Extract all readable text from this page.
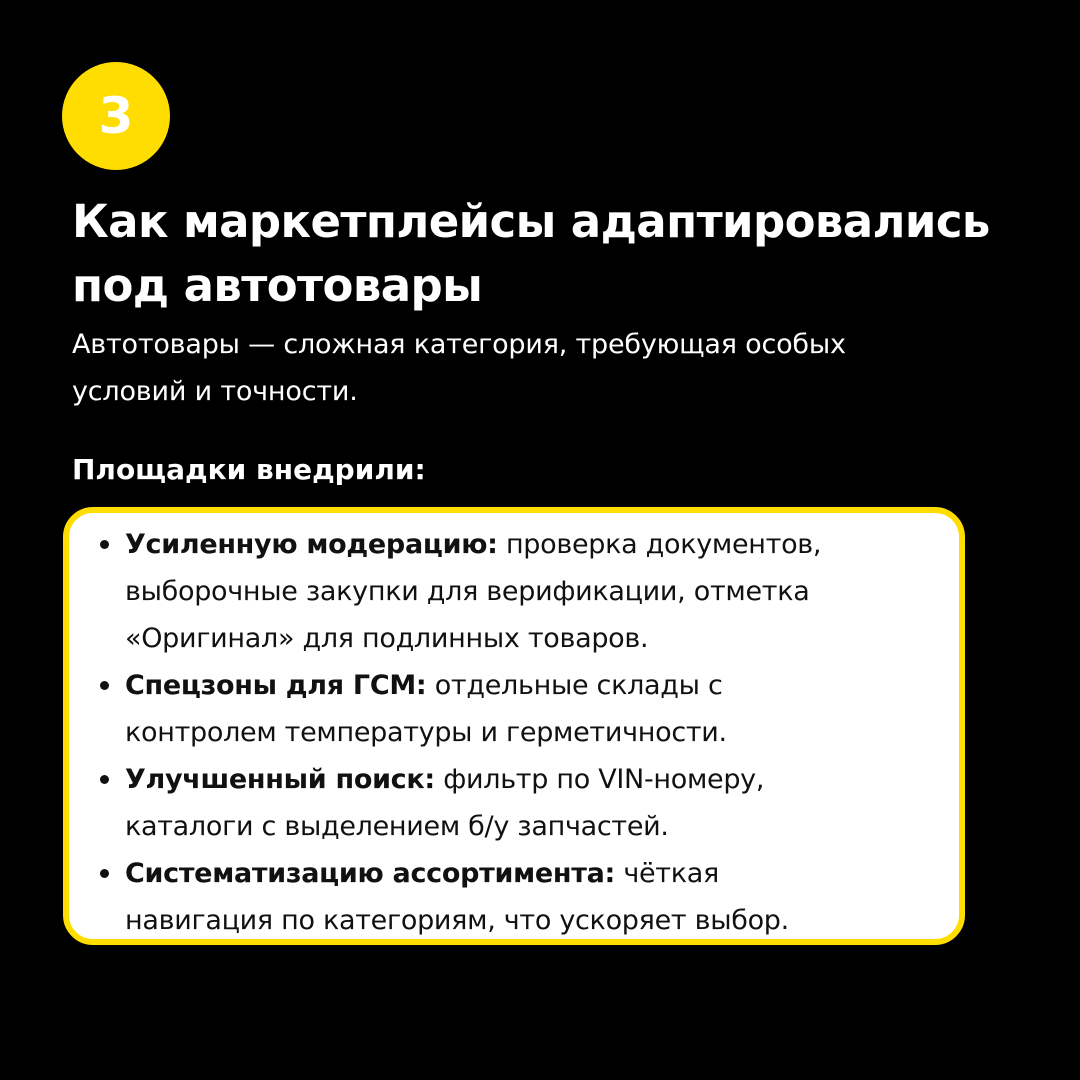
3
Как маркетплейсы адаптировались
под автотовары

Автотовары — сложная категория, требующая особых
условий и точности.

Площадки внедрили:

Усиленную модерацию: проверка документов,
выборочные закупки для верификации, отметка
«Оригинал» для подлинных товаров.
Спецзоны для ГСМ: отдельные склады с
контролем температуры и герметичности.
Улучшенный поиск: фильтр по VIN-номеру,
каталоги с выделением б/у запчастей.
Систематизацию ассортимента: чёткая
навигация по категориям, что ускоряет выбор.
